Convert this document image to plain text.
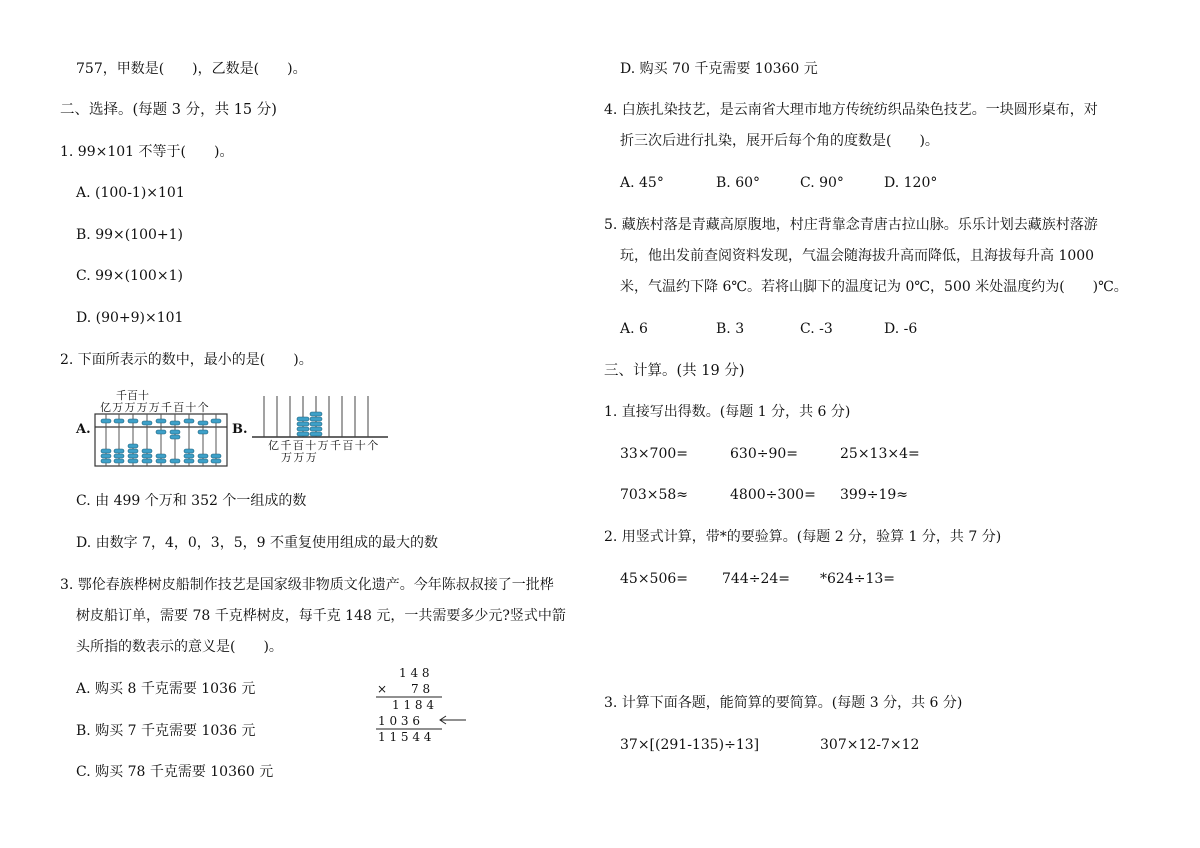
757，甲数是(　　)，乙数是(　　)。
二、选择。(每题 3 分，共 15 分)
1. 99×101 不等于(　　)。
A. (100-1)×101
B. 99×(100+1)
C. 99×(100×1)
D. (90+9)×101
2. 下面所表示的数中，最小的是(　　)。
A.
千百十
亿万万万万千百十个
B.
亿千百十万千百十个
万万万
C. 由 499 个万和 352 个一组成的数
D. 由数字 7，4，0，3，5，9 不重复使用组成的最大的数
3. 鄂伦春族桦树皮船制作技艺是国家级非物质文化遗产。今年陈叔叔接了一批桦
树皮船订单，需要 78 千克桦树皮，每千克 148 元，一共需要多少元?竖式中箭
头所指的数表示的意义是(　　)。
A. 购买 8 千克需要 1036 元
B. 购买 7 千克需要 1036 元
C. 购买 78 千克需要 10360 元
1 4 8
×　　7 8
1 1 8 4
1 0 3 6
1 1 5 4 4
D. 购买 70 千克需要 10360 元
4. 白族扎染技艺，是云南省大理市地方传统纺织品染色技艺。一块圆形桌布，对
折三次后进行扎染，展开后每个角的度数是(　　)。
A. 45°	B. 60°	C. 90°	D. 120°
5. 藏族村落是青藏高原腹地，村庄背靠念青唐古拉山脉。乐乐计划去藏族村落游
玩，他出发前查阅资料发现，气温会随海拔升高而降低，且海拔每升高 1000
米，气温约下降 6℃。若将山脚下的温度记为 0℃，500 米处温度约为(　　)℃。
A. 6	B. 3	C. -3	D. -6
三、计算。(共 19 分)
1. 直接写出得数。(每题 1 分，共 6 分)
33×700=	630÷90=	25×13×4=
703×58≈	4800÷300= 399÷19≈
2. 用竖式计算，带*的要验算。(每题 2 分，验算 1 分，共 7 分)
45×506= 744÷24= *624÷13=
3. 计算下面各题，能简算的要简算。(每题 3 分，共 6 分)
37×[(291-135)÷13]	307×12-7×12
